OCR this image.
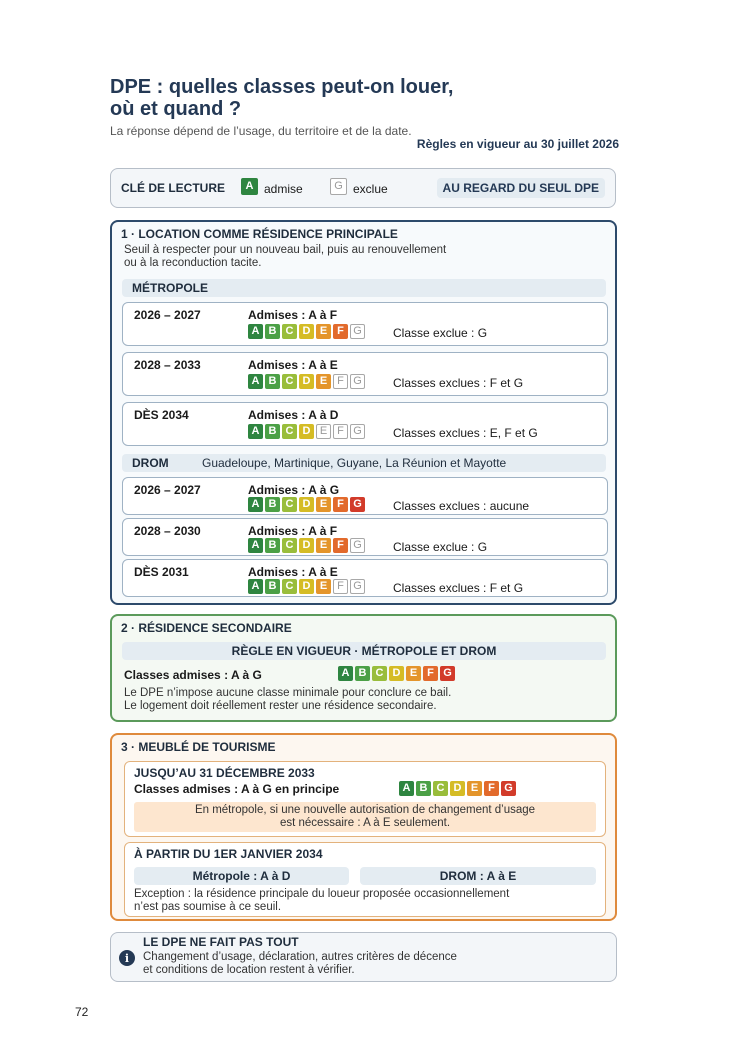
DPE : quelles classes peut-on louer,
où et quand ?
La réponse dépend de l’usage, du territoire et de la date.
Règles en vigueur au 30 juillet 2026
CLÉ DE LECTURE	A admise	G exclue	AU REGARD DU SEUL DPE
1 · LOCATION COMME RÉSIDENCE PRINCIPALE
Seuil à respecter pour un nouveau bail, puis au renouvellement
ou à la reconduction tacite.
MÉTROPOLE
2026 – 2027	Admises : A à F
A B C D E F G	Classe exclue : G
2028 – 2033	Admises : A à E
A B C D E F G	Classes exclues : F et G
DÈS 2034	Admises : A à D
A B C D E F G	Classes exclues : E, F et G
DROM	Guadeloupe, Martinique, Guyane, La Réunion et Mayotte
2026 – 2027	Admises : A à G
A B C D E F G	Classes exclues : aucune
2028 – 2030	Admises : A à F
A B C D E F G	Classe exclue : G
DÈS 2031	Admises : A à E
A B C D E F G	Classes exclues : F et G
2 · RÉSIDENCE SECONDAIRE
RÈGLE EN VIGUEUR · MÉTROPOLE ET DROM
Classes admises : A à G	A B C D E F G
Le DPE n’impose aucune classe minimale pour conclure ce bail.
Le logement doit réellement rester une résidence secondaire.
3 · MEUBLÉ DE TOURISME
JUSQU’AU 31 DÉCEMBRE 2033
Classes admises : A à G en principe	A B C D E F G
En métropole, si une nouvelle autorisation de changement d’usage
est nécessaire : A à E seulement.
À PARTIR DU 1ER JANVIER 2034
Métropole : A à D	DROM : A à E
Exception : la résidence principale du loueur proposée occasionnellement
n’est pas soumise à ce seuil.
i
LE DPE NE FAIT PAS TOUT
Changement d’usage, déclaration, autres critères de décence
et conditions de location restent à vérifier.
72
